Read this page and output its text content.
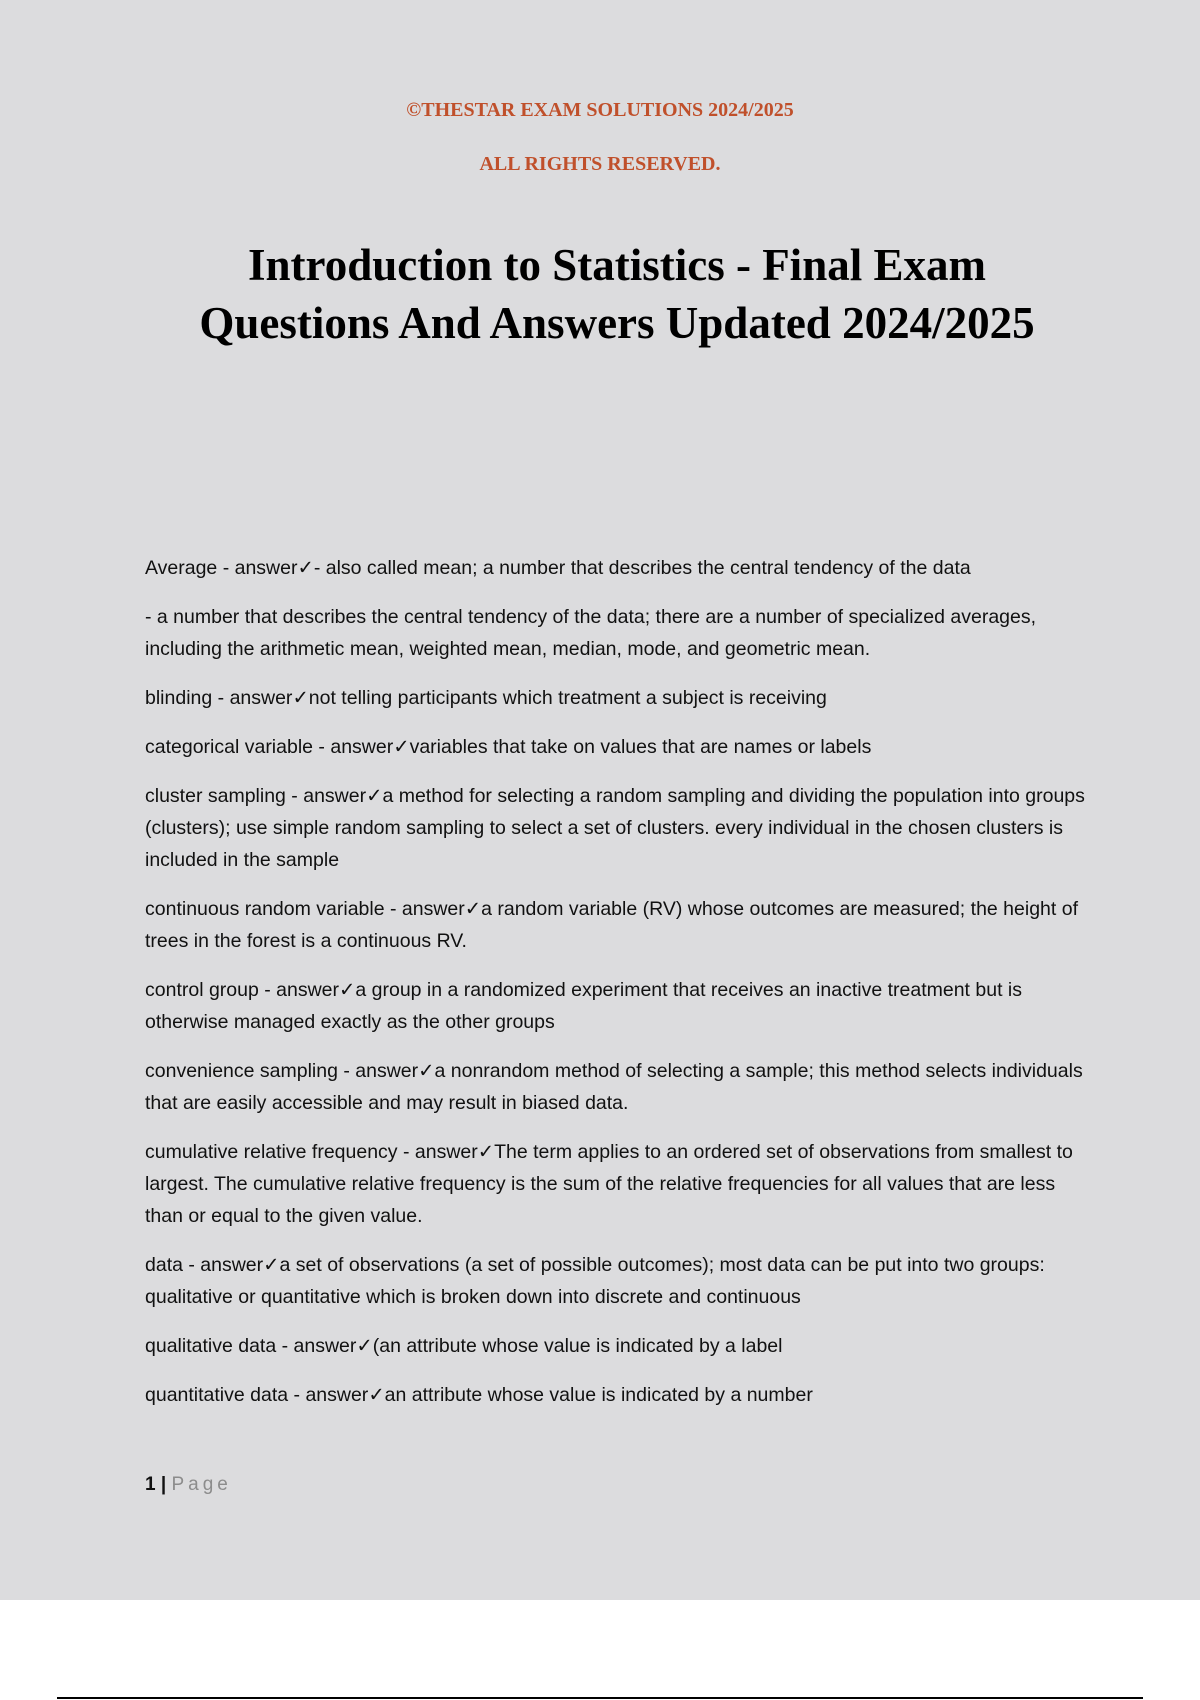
©THESTAR EXAM SOLUTIONS 2024/2025
ALL RIGHTS RESERVED.
Introduction to Statistics - Final Exam
Questions And Answers Updated 2024/2025
Average - answer✓- also called mean; a number that describes the central tendency of the data
- a number that describes the central tendency of the data; there are a number of specialized averages, including the arithmetic mean, weighted mean, median, mode, and geometric mean.
blinding - answer✓not telling participants which treatment a subject is receiving
categorical variable - answer✓variables that take on values that are names or labels
cluster sampling - answer✓a method for selecting a random sampling and dividing the population into groups (clusters); use simple random sampling to select a set of clusters. every individual in the chosen clusters is included in the sample
continuous random variable - answer✓a random variable (RV) whose outcomes are measured; the height of trees in the forest is a continuous RV.
control group - answer✓a group in a randomized experiment that receives an inactive treatment but is otherwise managed exactly as the other groups
convenience sampling - answer✓a nonrandom method of selecting a sample; this method selects individuals that are easily accessible and may result in biased data.
cumulative relative frequency - answer✓The term applies to an ordered set of observations from smallest to largest. The cumulative relative frequency is the sum of the relative frequencies for all values that are less than or equal to the given value.
data - answer✓a set of observations (a set of possible outcomes); most data can be put into two groups: qualitative or quantitative which is broken down into discrete and continuous
qualitative data - answer✓(an attribute whose value is indicated by a label
quantitative data - answer✓an attribute whose value is indicated by a number
1 | Page
